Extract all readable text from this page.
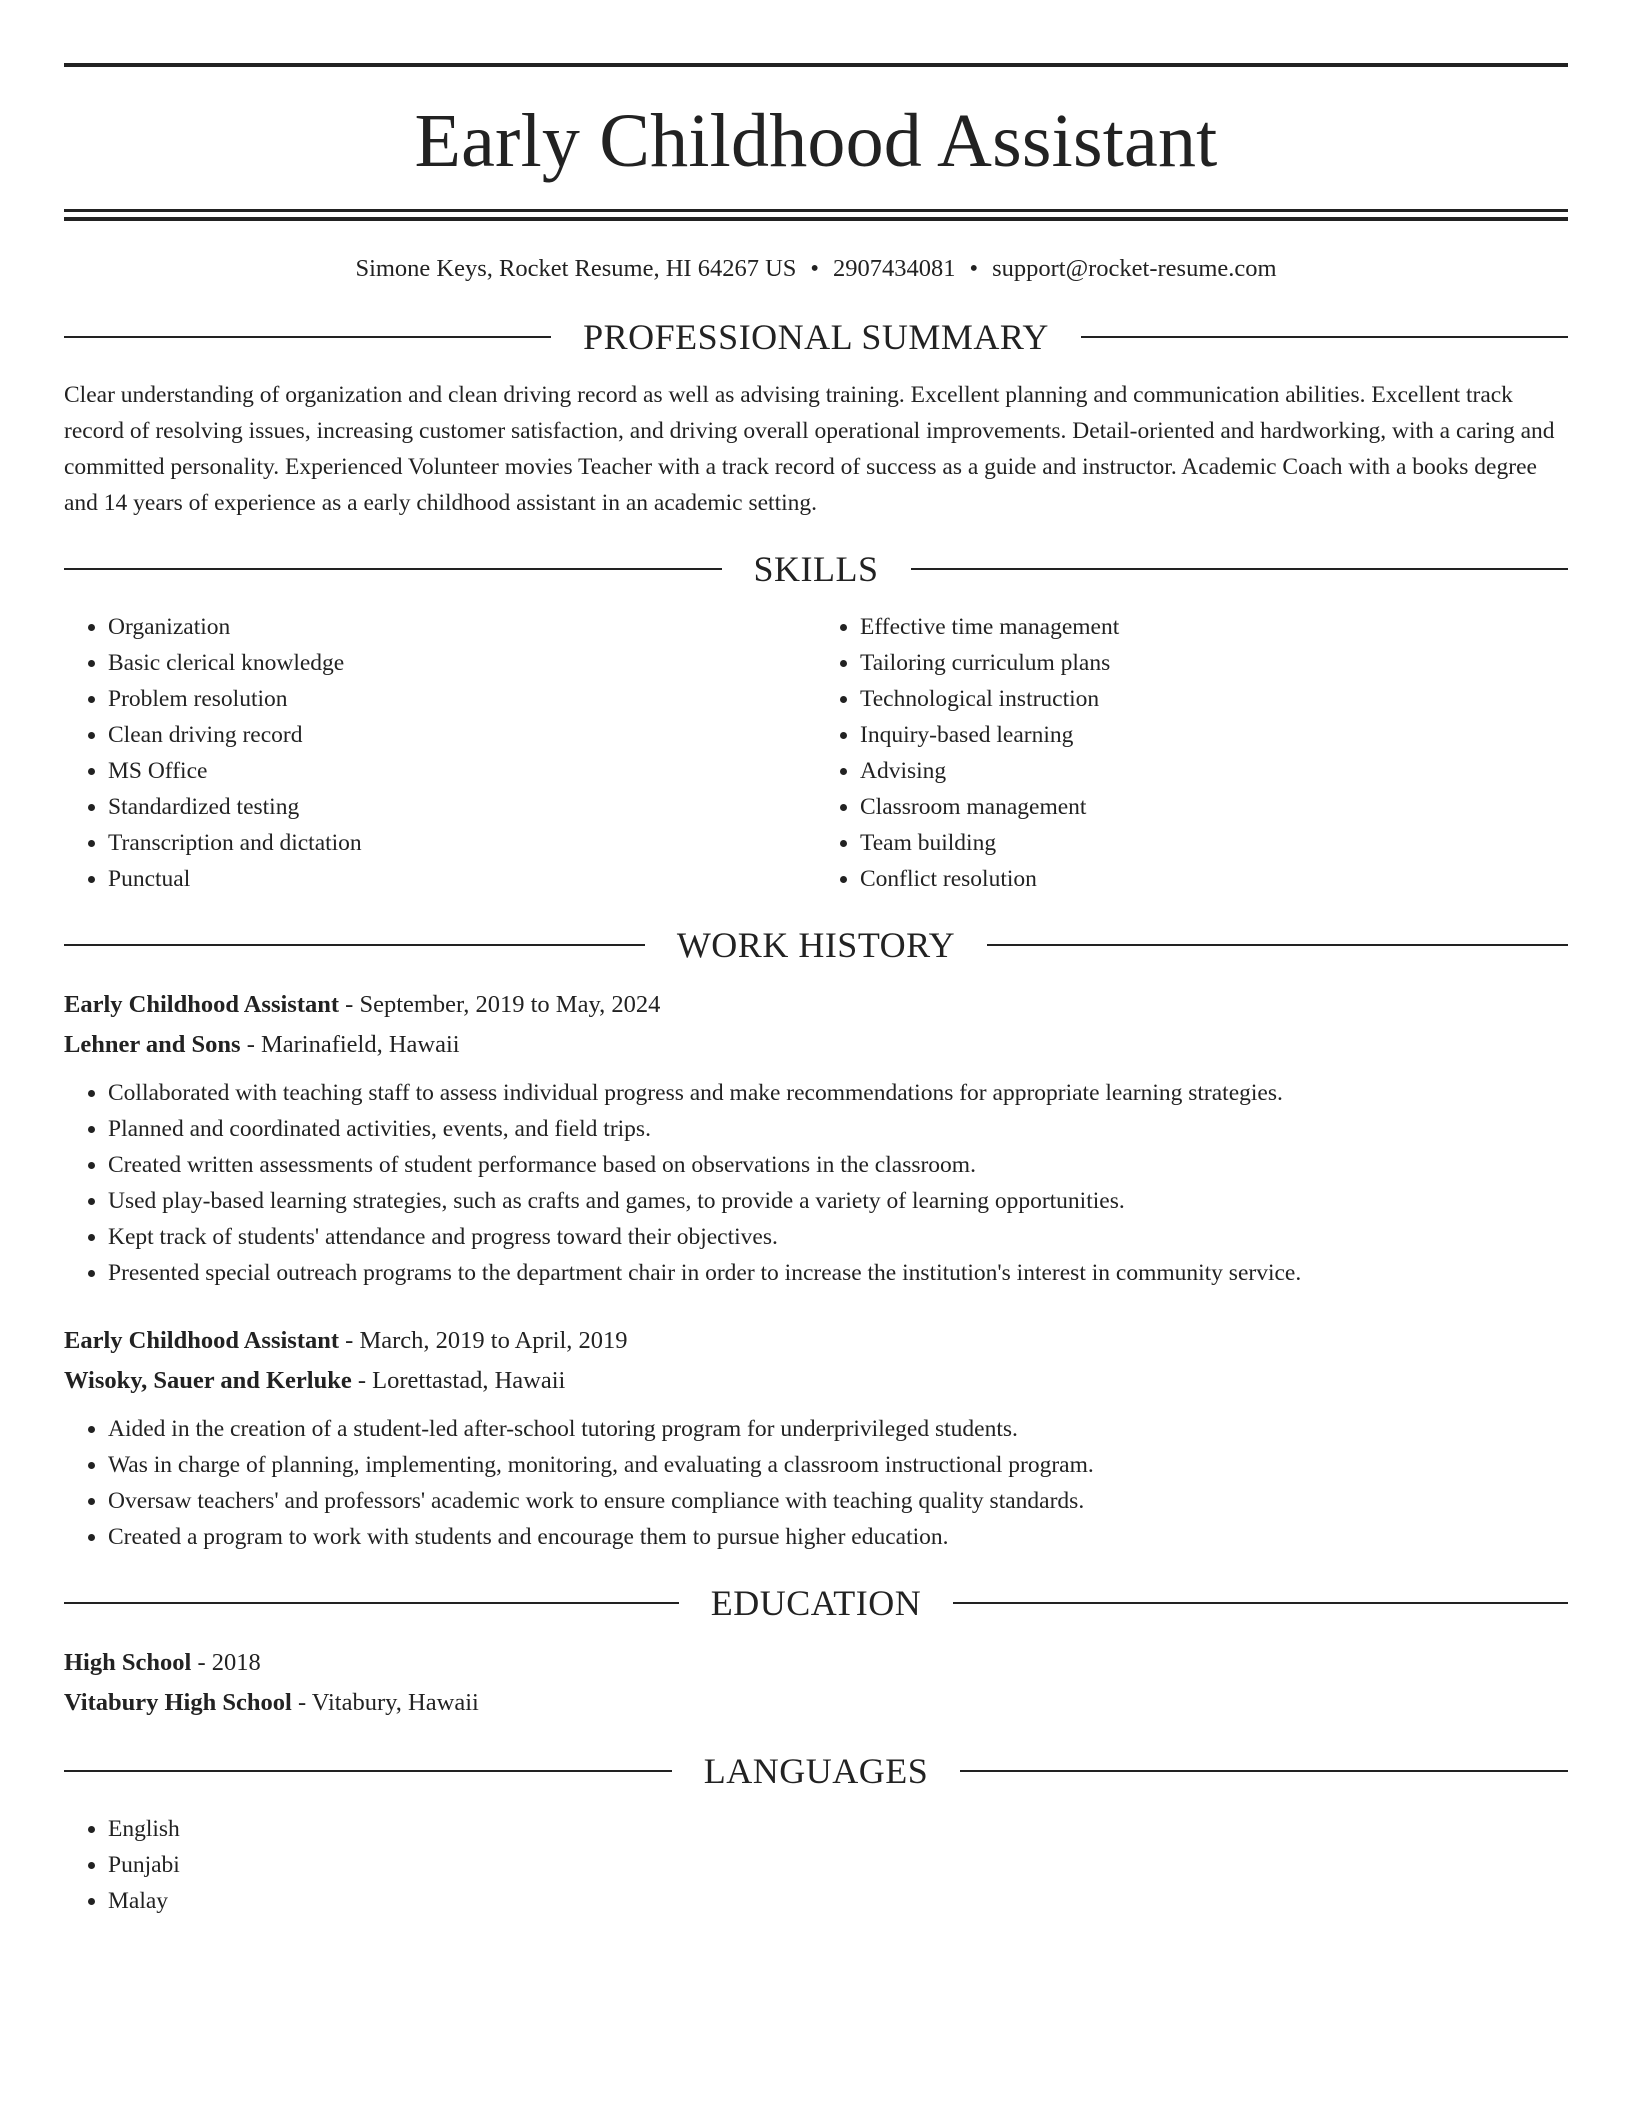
Early Childhood Assistant
Simone Keys, Rocket Resume, HI 64267 US • 2907434081 • support@rocket-resume.com
PROFESSIONAL SUMMARY

Clear understanding of organization and clean driving record as well as advising training. Excellent planning and communication abilities. Excellent track record of resolving issues, increasing customer satisfaction, and driving overall operational improvements. Detail-oriented and hardworking, with a caring and committed personality. Experienced Volunteer movies Teacher with a track record of success as a guide and instructor. Academic Coach with a books degree and 14 years of experience as a early childhood assistant in an academic setting.

SKILLS
• Organization
• Basic clerical knowledge
• Problem resolution
• Clean driving record
• MS Office
• Standardized testing
• Transcription and dictation
• Punctual
• Effective time management
• Tailoring curriculum plans
• Technological instruction
• Inquiry-based learning
• Advising
• Classroom management
• Team building
• Conflict resolution
WORK HISTORY
Early Childhood Assistant - September, 2019 to May, 2024
Lehner and Sons - Marinafield, Hawaii
• Collaborated with teaching staff to assess individual progress and make recommendations for appropriate learning strategies.
• Planned and coordinated activities, events, and field trips.
• Created written assessments of student performance based on observations in the classroom.
• Used play-based learning strategies, such as crafts and games, to provide a variety of learning opportunities.
• Kept track of students' attendance and progress toward their objectives.
• Presented special outreach programs to the department chair in order to increase the institution's interest in community service.
Early Childhood Assistant - March, 2019 to April, 2019
Wisoky, Sauer and Kerluke - Lorettastad, Hawaii
• Aided in the creation of a student-led after-school tutoring program for underprivileged students.
• Was in charge of planning, implementing, monitoring, and evaluating a classroom instructional program.
• Oversaw teachers' and professors' academic work to ensure compliance with teaching quality standards.
• Created a program to work with students and encourage them to pursue higher education.
EDUCATION
High School - 2018
Vitabury High School - Vitabury, Hawaii
LANGUAGES
• English
• Punjabi
• Malay
